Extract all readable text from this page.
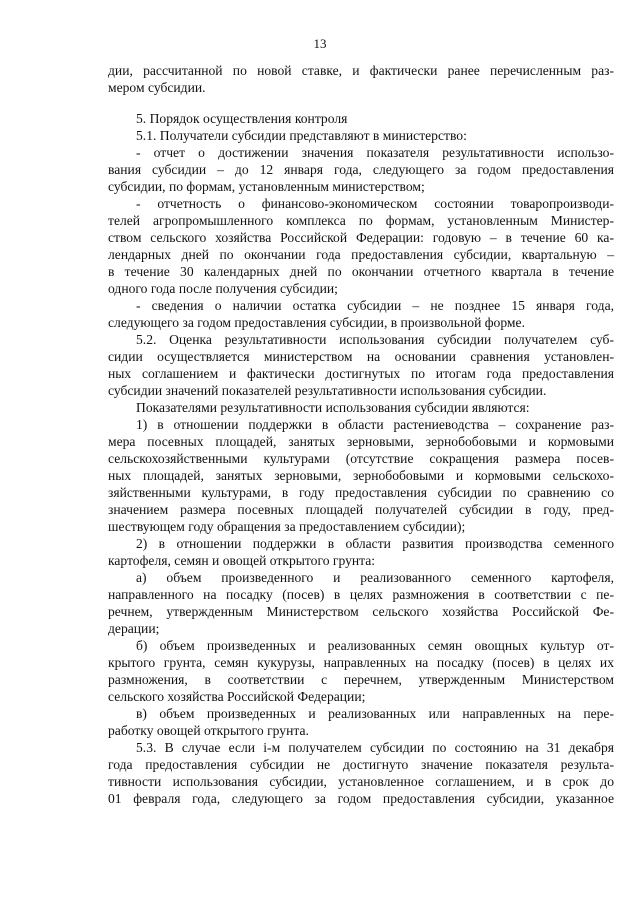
13
дии, рассчитанной по новой ставке, и фактически ранее перечисленным раз-
мером субсидии.
5. Порядок осуществления контроля
5.1. Получатели субсидии представляют в министерство:
- отчет о достижении значения показателя результативности использо-
вания субсидии – до 12 января года, следующего за годом предоставления
субсидии, по формам, установленным министерством;
- отчетность о финансово-экономическом состоянии товаропроизводи-
телей агропромышленного комплекса по формам, установленным Министер-
ством сельского хозяйства Российской Федерации: годовую – в течение 60 ка-
лендарных дней по окончании года предоставления субсидии, квартальную –
в течение 30 календарных дней по окончании отчетного квартала в течение
одного года после получения субсидии;
- сведения о наличии остатка субсидии – не позднее 15 января года,
следующего за годом предоставления субсидии, в произвольной форме.
5.2. Оценка результативности использования субсидии получателем суб-
сидии осуществляется министерством на основании сравнения установлен-
ных соглашением и фактически достигнутых по итогам года предоставления
субсидии значений показателей результативности использования субсидии.
Показателями результативности использования субсидии являются:
1) в отношении поддержки в области растениеводства – сохранение раз-
мера посевных площадей, занятых зерновыми, зернобобовыми и кормовыми
сельскохозяйственными культурами (отсутствие сокращения размера посев-
ных площадей, занятых зерновыми, зернобобовыми и кормовыми сельскохо-
зяйственными культурами, в году предоставления субсидии по сравнению со
значением размера посевных площадей получателей субсидии в году, пред-
шествующем году обращения за предоставлением субсидии);
2) в отношении поддержки в области развития производства семенного
картофеля, семян и овощей открытого грунта:
а) объем произведенного и реализованного семенного картофеля,
направленного на посадку (посев) в целях размножения в соответствии с пе-
речнем, утвержденным Министерством сельского хозяйства Российской Фе-
дерации;
б) объем произведенных и реализованных семян овощных культур от-
крытого грунта, семян кукурузы, направленных на посадку (посев) в целях их
размножения, в соответствии с перечнем, утвержденным Министерством
сельского хозяйства Российской Федерации;
в) объем произведенных и реализованных или направленных на пере-
работку овощей открытого грунта.
5.3. В случае если i-м получателем субсидии по состоянию на 31 декабря
года предоставления субсидии не достигнуто значение показателя результа-
тивности использования субсидии, установленное соглашением, и в срок до
01 февраля года, следующего за годом предоставления субсидии, указанное
